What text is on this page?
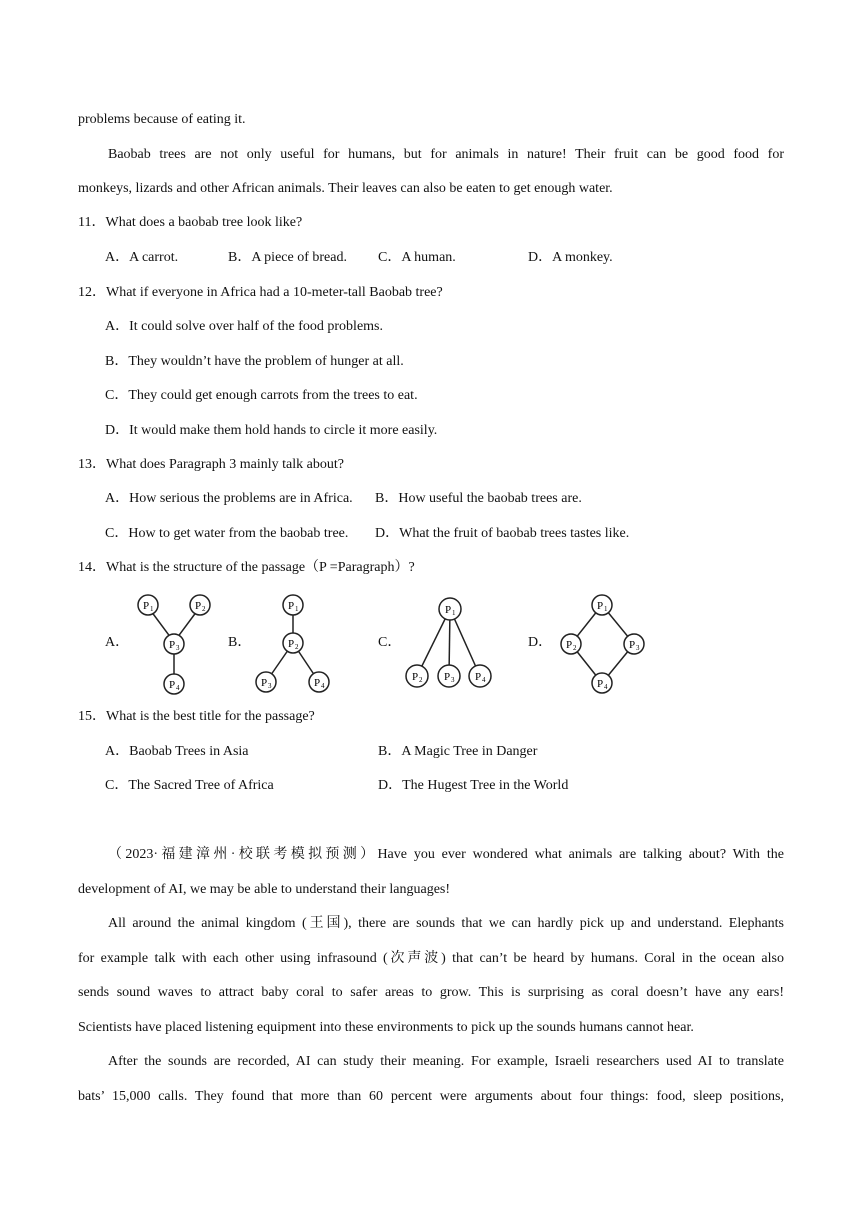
problems because of eating it.
Baobab trees are not only useful for humans, but for animals in nature! Their fruit can be good food for
monkeys, lizards and other African animals. Their leaves can also be eaten to get enough water.
11．What does a baobab tree look like?
A．A carrot.	B．A piece of bread. C．A human.	D．A monkey.
12．What if everyone in Africa had a 10-meter-tall Baobab tree?
A．It could solve over half of the food problems.
B．They wouldn’t have the problem of hunger at all.
C．They could get enough carrots from the trees to eat.
D．It would make them hold hands to circle it more easily.
13．What does Paragraph 3 mainly talk about?
A．How serious the problems are in Africa. B．How useful the baobab trees are.
C．How to get water from the baobab tree. D．What the fruit of baobab trees tastes like.
14．What is the structure of the passage（P =Paragraph）?
A．	B．	C．	D．
P 1	P 2
P 3
P 4
P 1
P 2
P 3	P 4
P 1
P 2 P 3 P 4
P 1
P 2	P 3
P 4
15．What is the best title for the passage?
A．Baobab Trees in Asia	B．A Magic Tree in Danger
C．The Sacred Tree of Africa	D．The Hugest Tree in the World
（2023·福建漳州·校联考模拟预测）Have you ever wondered what animals are talking about? With the
development of AI, we may be able to understand their languages!
All around the animal kingdom (王国), there are sounds that we can hardly pick up and understand. Elephants
for example talk with each other using infrasound (次声波) that can’t be heard by humans. Coral in the ocean also
sends sound waves to attract baby coral to safer areas to grow. This is surprising as coral doesn’t have any ears!
Scientists have placed listening equipment into these environments to pick up the sounds humans cannot hear.
After the sounds are recorded, AI can study their meaning. For example, Israeli researchers used AI to translate
bats’ 15,000 calls. They found that more than 60 percent were arguments about four things: food, sleep positions,
